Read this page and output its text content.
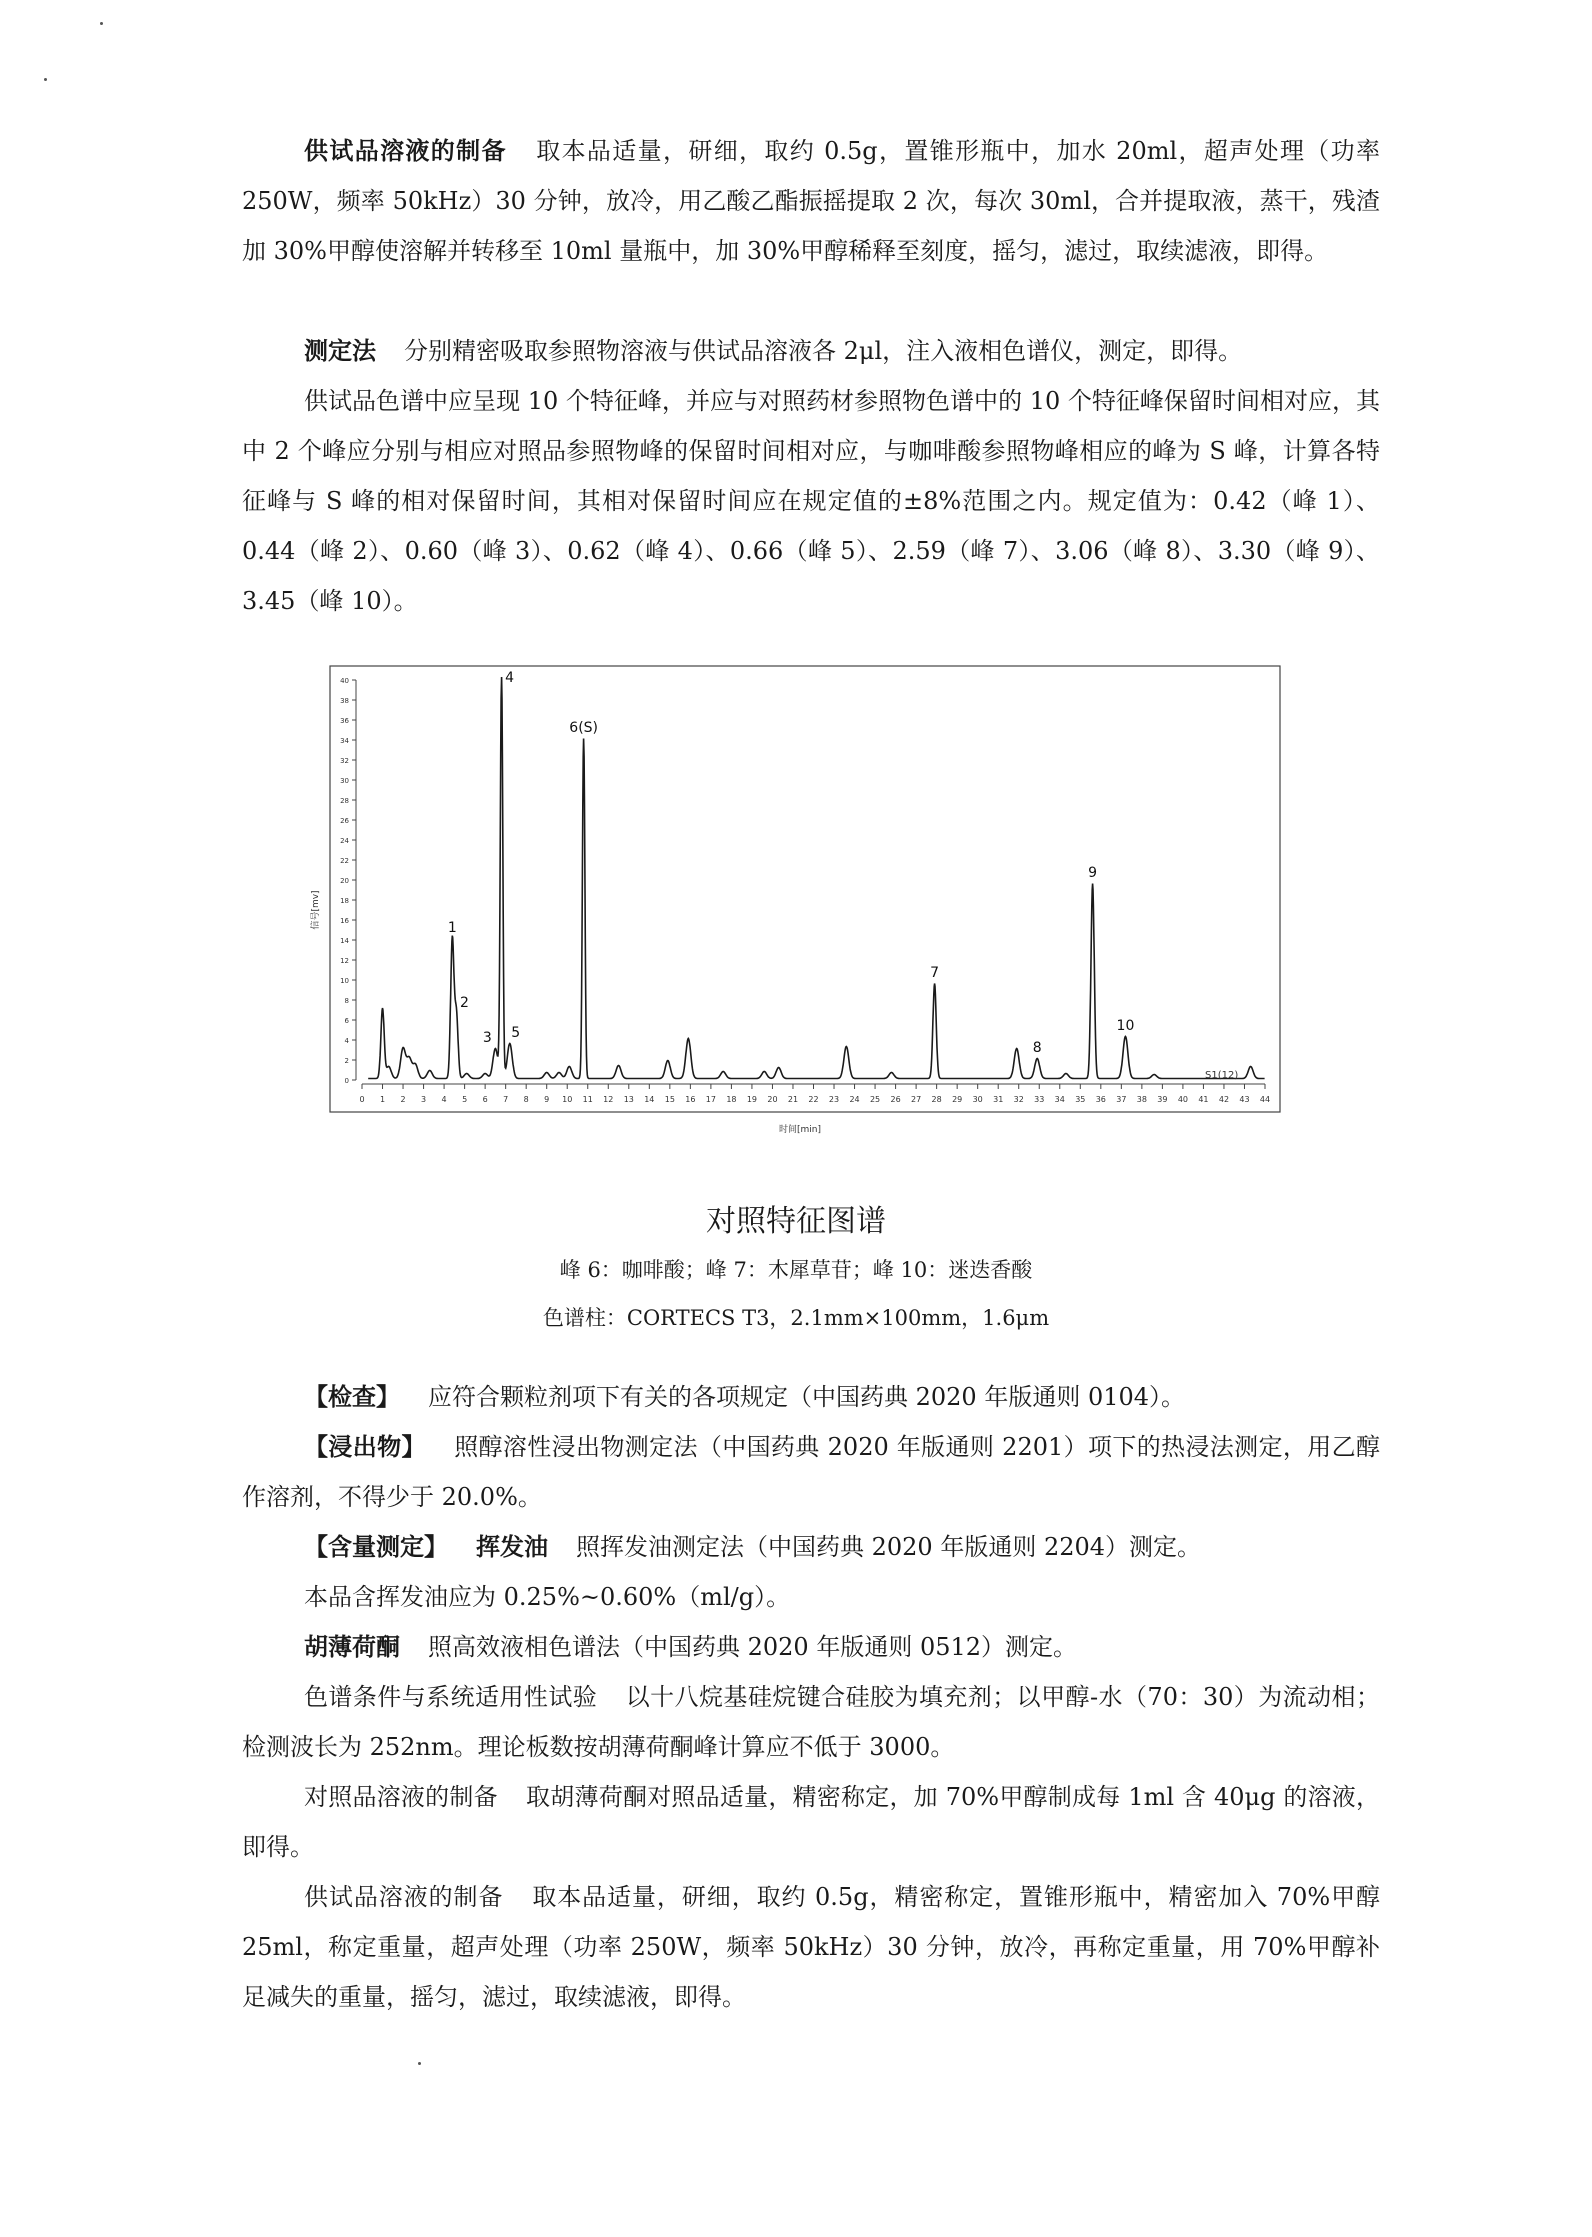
供试品溶液的制备 取本品适量，研细，取约 0.5g，置锥形瓶中，加水 20ml，超声处理（功率 250W，频率 50kHz）30 分钟，放冷，用乙酸乙酯振摇提取 2 次，每次 30ml，合并提取液，蒸干，残渣加 30%甲醇使溶解并转移至 10ml 量瓶中，加 30%甲醇稀释至刻度，摇匀，滤过，取续滤液，即得。

测定法 分别精密吸取参照物溶液与供试品溶液各 2μl，注入液相色谱仪，测定，即得。

供试品色谱中应呈现 10 个特征峰，并应与对照药材参照物色谱中的 10 个特征峰保留时间相对应，其中 2 个峰应分别与相应对照品参照物峰的保留时间相对应，与咖啡酸参照物峰相应的峰为 S 峰，计算各特征峰与 S 峰的相对保留时间，其相对保留时间应在规定值的±8%范围之内。规定值为：0.42（峰 1）、0.44（峰 2）、0.60（峰 3）、0.62（峰 4）、0.66（峰 5）、2.59（峰 7）、3.06（峰 8）、3.30（峰 9）、3.45（峰 10）。

0 1 2 3 4 5 6 7 8 9 10 11 12 13 14 15 16 17 18 19 20 21 22 23 24 25 26 27 28 29 30 31 32 33 34 35 36 37 38 39 40 41 42 43 44
0
2
4
6
8
10
12
14
16
18
20
22
24
26
28
30
32
34
36
38
40
1
2
3
4
5
6(S)
7
8
9
10
信号[mv]
时间[min]
S1(12)

对照特征图谱

峰 6：咖啡酸；峰 7：木犀草苷；峰 10：迷迭香酸

色谱柱：CORTECS T3，2.1mm×100mm，1.6μm

【检查】 应符合颗粒剂项下有关的各项规定（中国药典 2020 年版通则 0104）。

【浸出物】 照醇溶性浸出物测定法（中国药典 2020 年版通则 2201）项下的热浸法测定，用乙醇作溶剂，不得少于 20.0%。

【含量测定】 挥发油 照挥发油测定法（中国药典 2020 年版通则 2204）测定。

本品含挥发油应为 0.25%~0.60%（ml/g）。

胡薄荷酮 照高效液相色谱法（中国药典 2020 年版通则 0512）测定。

色谱条件与系统适用性试验 以十八烷基硅烷键合硅胶为填充剂；以甲醇-水（70：30）为流动相；检测波长为 252nm。理论板数按胡薄荷酮峰计算应不低于 3000。

对照品溶液的制备 取胡薄荷酮对照品适量，精密称定，加 70%甲醇制成每 1ml 含 40μg 的溶液，即得。

供试品溶液的制备 取本品适量，研细，取约 0.5g，精密称定，置锥形瓶中，精密加入 70%甲醇 25ml，称定重量，超声处理（功率 250W，频率 50kHz）30 分钟，放冷，再称定重量，用 70%甲醇补足减失的重量，摇匀，滤过，取续滤液，即得。
